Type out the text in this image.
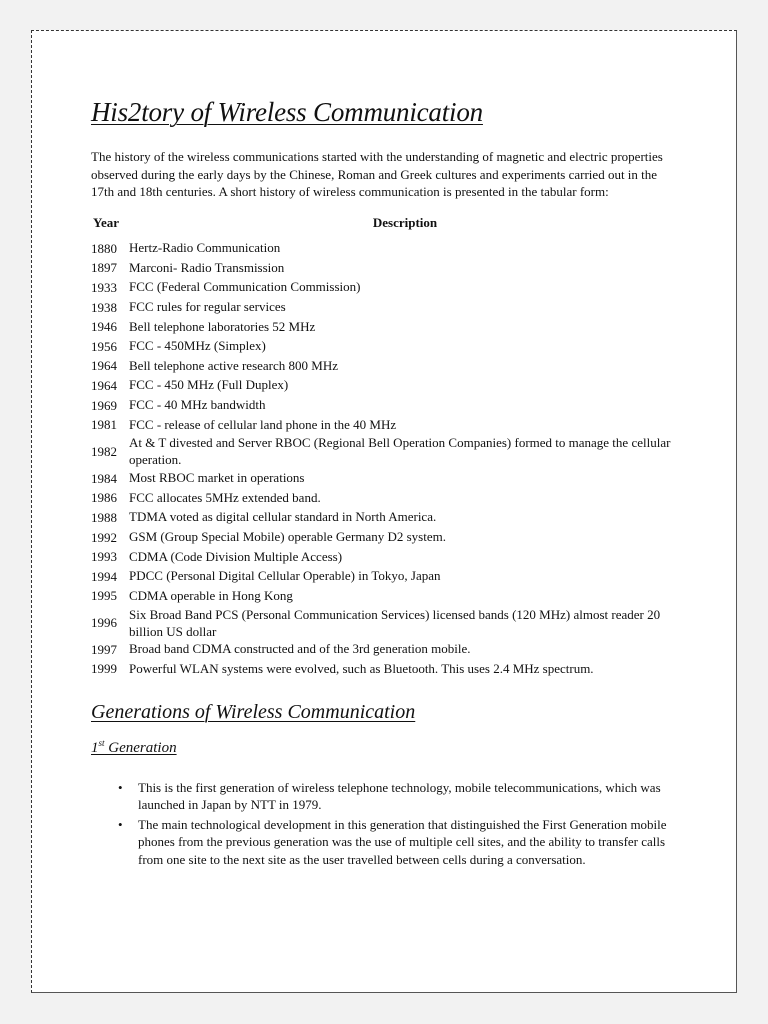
His2tory of Wireless Communication

The history of the wireless communications started with the understanding of magnetic and electric properties observed during the early days by the Chinese, Roman and Greek cultures and experiments carried out in the 17th and 18th centuries. A short history of wireless communication is presented in the tabular form:

Year	Description
1880	Hertz-Radio Communication
1897	Marconi- Radio Transmission
1933	FCC (Federal Communication Commission)
1938	FCC rules for regular services
1946	Bell telephone laboratories 52 MHz
1956	FCC - 450MHz (Simplex)
1964	Bell telephone active research 800 MHz
1964	FCC - 450 MHz (Full Duplex)
1969	FCC - 40 MHz bandwidth
1981	FCC - release of cellular land phone in the 40 MHz
1982	At & T divested and Server RBOC (Regional Bell Operation Companies) formed to manage the cellular operation.
1984	Most RBOC market in operations
1986	FCC allocates 5MHz extended band.
1988	TDMA voted as digital cellular standard in North America.
1992	GSM (Group Special Mobile) operable Germany D2 system.
1993	CDMA (Code Division Multiple Access)
1994	PDCC (Personal Digital Cellular Operable) in Tokyo, Japan
1995	CDMA operable in Hong Kong
1996	Six Broad Band PCS (Personal Communication Services) licensed bands (120 MHz) almost reader 20 billion US dollar
1997	Broad band CDMA constructed and of the 3rd generation mobile.
1999	Powerful WLAN systems were evolved, such as Bluetooth. This uses 2.4 MHz spectrum.
Generations of Wireless Communication
1st Generation
• This is the first generation of wireless telephone technology, mobile telecommunications, which was launched in Japan by NTT in 1979.
• The main technological development in this generation that distinguished the First Generation mobile phones from the previous generation was the use of multiple cell sites, and the ability to transfer calls from one site to the next site as the user travelled between cells during a conversation.
